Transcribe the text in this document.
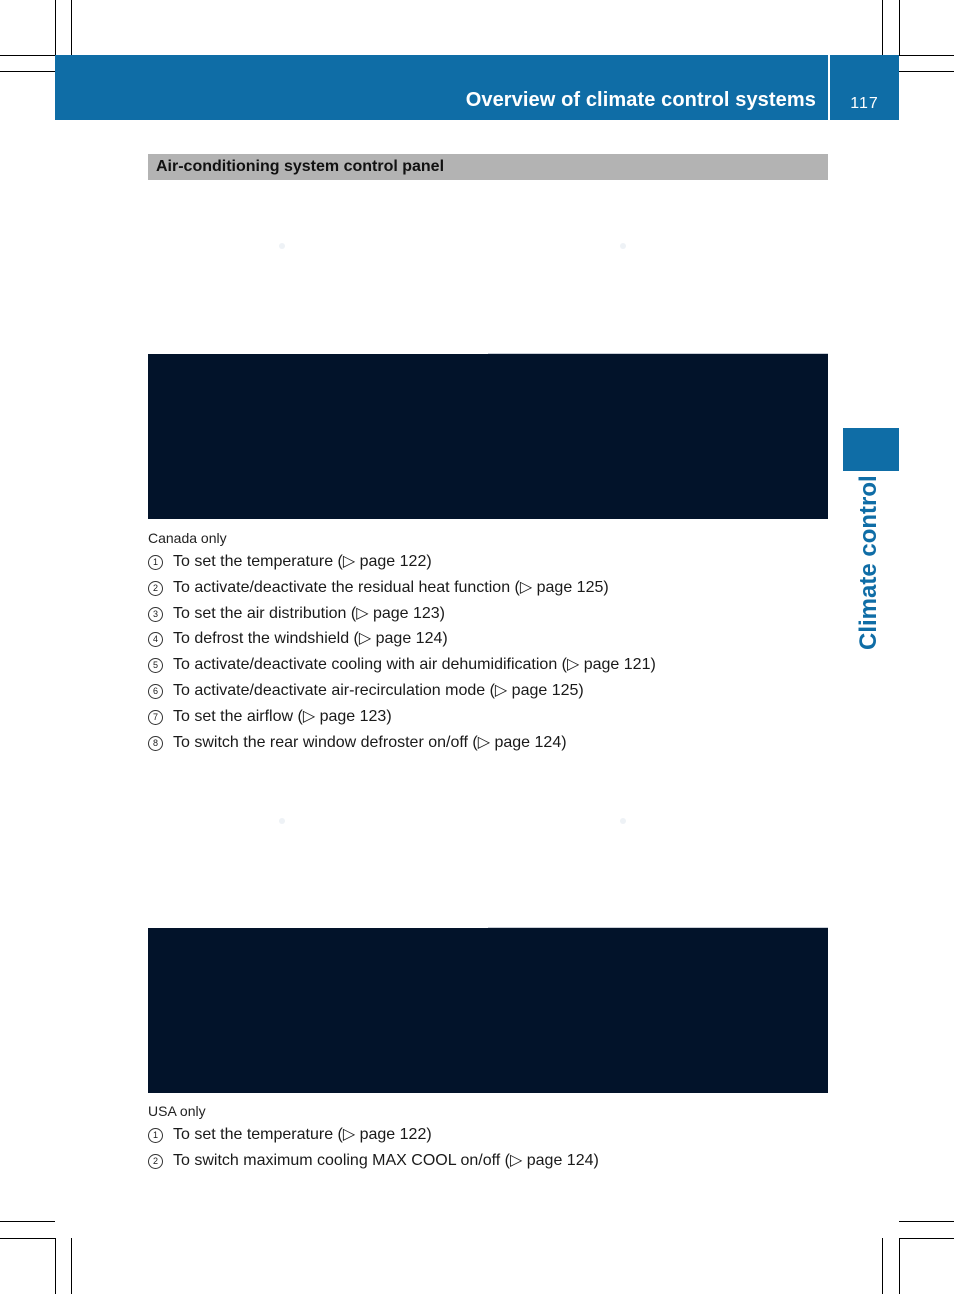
Overview of climate control systems	117
Climate control
Air-conditioning system control panel
Canada only
1 To set the temperature (▷ page 122)
2 To activate/deactivate the residual heat function (▷ page 125)
3 To set the air distribution (▷ page 123)
4 To defrost the windshield (▷ page 124)
5 To activate/deactivate cooling with air dehumidification (▷ page 121)
6 To activate/deactivate air-recirculation mode (▷ page 125)
7 To set the airflow (▷ page 123)
8 To switch the rear window defroster on/off (▷ page 124)
USA only
1 To set the temperature (▷ page 122)
2 To switch maximum cooling MAX COOL on/off (▷ page 124)
